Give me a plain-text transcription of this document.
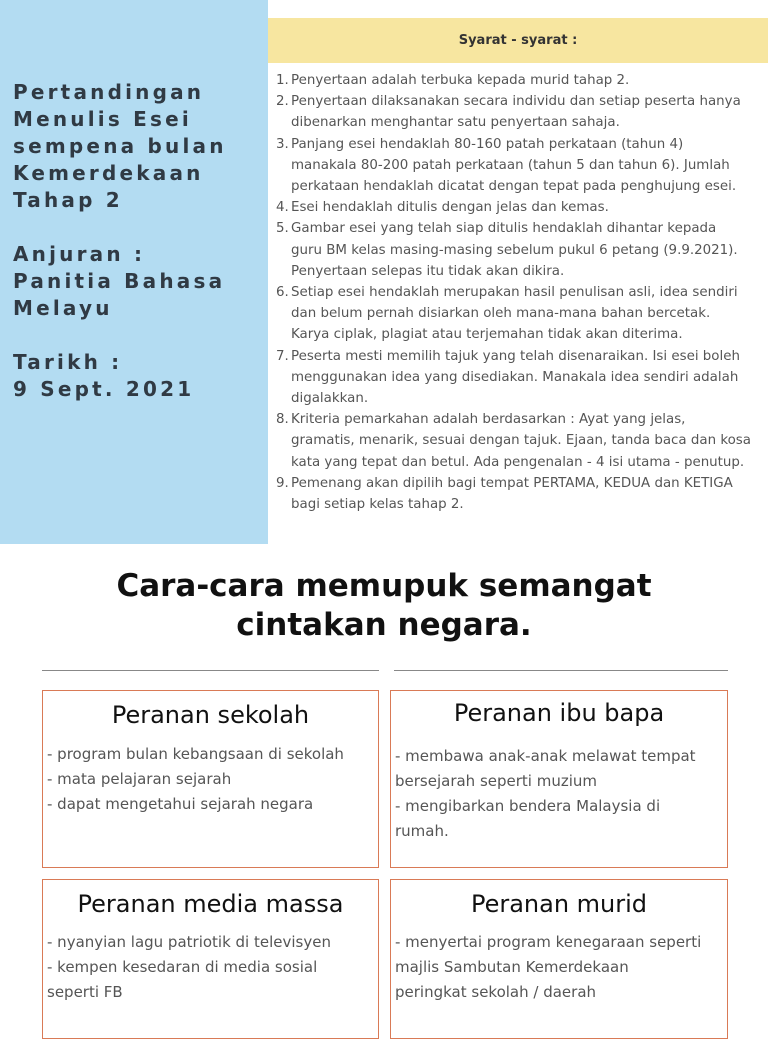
Pertandingan
Menulis Esei
sempena bulan
Kemerdekaan
Tahap 2
Anjuran :
Panitia Bahasa
Melayu
Tarikh :
9 Sept. 2021
Syarat - syarat :
1. Penyertaan adalah terbuka kepada murid tahap 2.
2. Penyertaan dilaksanakan secara individu dan setiap peserta hanya
dibenarkan menghantar satu penyertaan sahaja.
3. Panjang esei hendaklah 80-160 patah perkataan (tahun 4)
manakala 80-200 patah perkataan (tahun 5 dan tahun 6). Jumlah
perkataan hendaklah dicatat dengan tepat pada penghujung esei.
4. Esei hendaklah ditulis dengan jelas dan kemas.
5. Gambar esei yang telah siap ditulis hendaklah dihantar kepada
guru BM kelas masing-masing sebelum pukul 6 petang (9.9.2021).
Penyertaan selepas itu tidak akan dikira.
6. Setiap esei hendaklah merupakan hasil penulisan asli, idea sendiri
dan belum pernah disiarkan oleh mana-mana bahan bercetak.
Karya ciplak, plagiat atau terjemahan tidak akan diterima.
7. Peserta mesti memilih tajuk yang telah disenaraikan. Isi esei boleh
menggunakan idea yang disediakan. Manakala idea sendiri adalah
digalakkan.
8. Kriteria pemarkahan adalah berdasarkan : Ayat yang jelas,
gramatis, menarik, sesuai dengan tajuk. Ejaan, tanda baca dan kosa
kata yang tepat dan betul. Ada pengenalan - 4 isi utama - penutup.
9. Pemenang akan dipilih bagi tempat PERTAMA, KEDUA dan KETIGA
bagi setiap kelas tahap 2.
Cara-cara memupuk semangat
cintakan negara.
Peranan sekolah
- program bulan kebangsaan di sekolah
- mata pelajaran sejarah
- dapat mengetahui sejarah negara
Peranan ibu bapa
- membawa anak-anak melawat tempat
bersejarah seperti muzium
- mengibarkan bendera Malaysia di
rumah.
Peranan media massa
- nyanyian lagu patriotik di televisyen
- kempen kesedaran di media sosial
seperti FB
Peranan murid
- menyertai program kenegaraan seperti
majlis Sambutan Kemerdekaan
peringkat sekolah / daerah
